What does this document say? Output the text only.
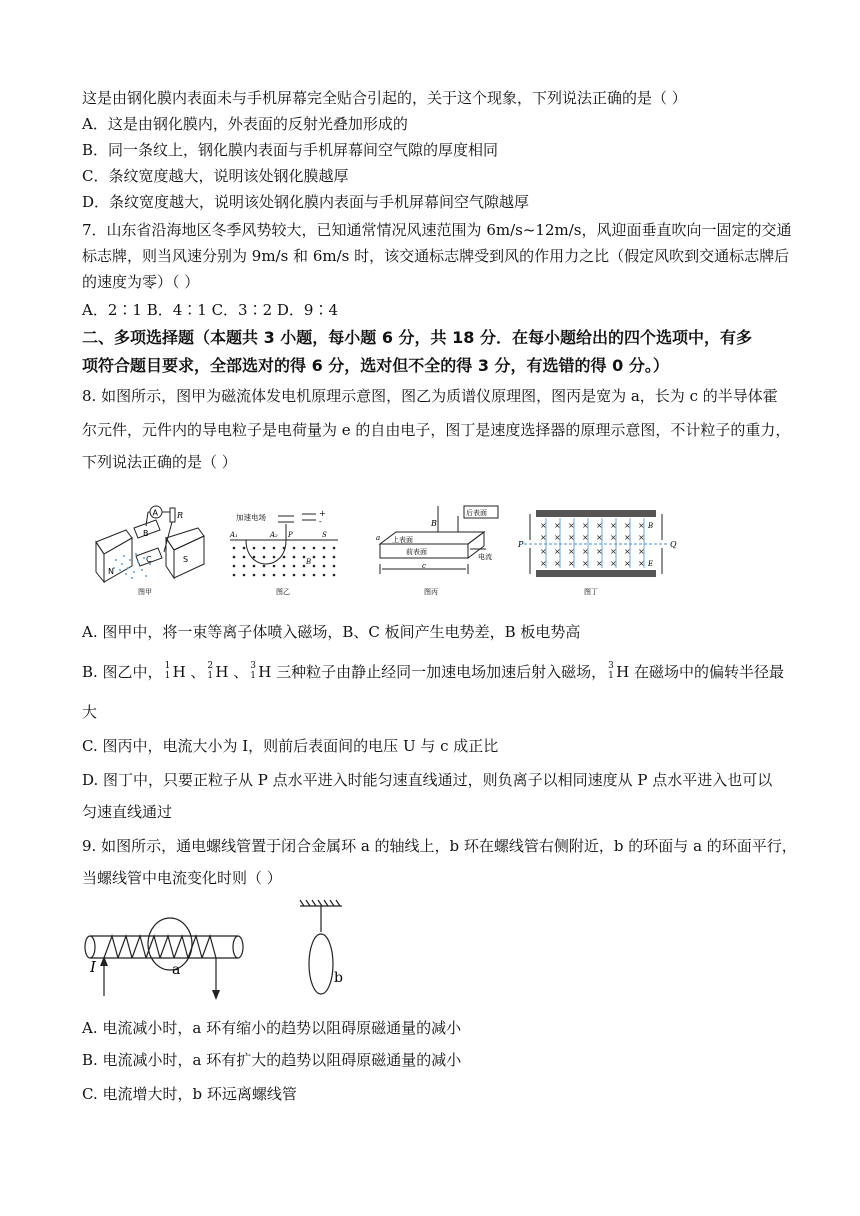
这是由钢化膜内表面未与手机屏幕完全贴合引起的，关于这个现象，下列说法正确的是（ ）
A．这是由钢化膜内，外表面的反射光叠加形成的
B．同一条纹上，钢化膜内表面与手机屏幕间空气隙的厚度相同
C．条纹宽度越大，说明该处钢化膜越厚
D．条纹宽度越大，说明该处钢化膜内表面与手机屏幕间空气隙越厚
7．山东省沿海地区冬季风势较大，已知通常情况风速范围为 6m/s~12m/s，风迎面垂直吹向一固定的交通
标志牌，则当风速分别为 9m/s 和 6m/s 时，该交通标志牌受到风的作用力之比（假定风吹到交通标志牌后
的速度为零）（ ）
A．2∶1 B．4∶1 C．3∶2 D．9∶4
二、多项选择题（本题共 3 小题，每小题 6 分，共 18 分．在每小题给出的四个选项中，有多
项符合题目要求，全部选对的得 6 分，选对但不全的得 3 分，有选错的得 0 分。）
8. 如图所示，图甲为磁流体发电机原理示意图，图乙为质谱仪原理图，图丙是宽为 a，长为 c 的半导体霍
尔元件，元件内的导电粒子是电荷量为 e 的自由电子，图丁是速度选择器的原理示意图，不计粒子的重力，
下列说法正确的是（ ）
A R
B
C
N
S
图甲
加速电场	+
-
A₁	A₂ P	S
B
图乙
B
后表面
上表面
前表面
电流
a
c
图丙
× × × × × × × ×
× × × × × × × ×
× × × × × × × ×
× × × × × × × ×
P	Q
B
E
图丁
A. 图甲中，将一束等离子体喷入磁场，B、C 板间产生电势差，B 板电势高
B. 图乙中， 1
1 H 、 2
1 H 、 3
1 H 三种粒子由静止经同一加速电场加速后射入磁场， 3
1 H 在磁场中的偏转半径最
大
C. 图丙中，电流大小为 I，则前后表面间的电压 U 与 c 成正比
D. 图丁中，只要正粒子从 P 点水平进入时能匀速直线通过，则负离子以相同速度从 P 点水平进入也可以
匀速直线通过
9. 如图所示，通电螺线管置于闭合金属环 a 的轴线上，b 环在螺线管右侧附近，b 的环面与 a 的环面平行，
当螺线管中电流变化时则（ ）
I	a	b
A. 电流减小时，a 环有缩小的趋势以阻碍原磁通量的减小
B. 电流减小时，a 环有扩大的趋势以阻碍原磁通量的减小
C. 电流增大时，b 环远离螺线管
